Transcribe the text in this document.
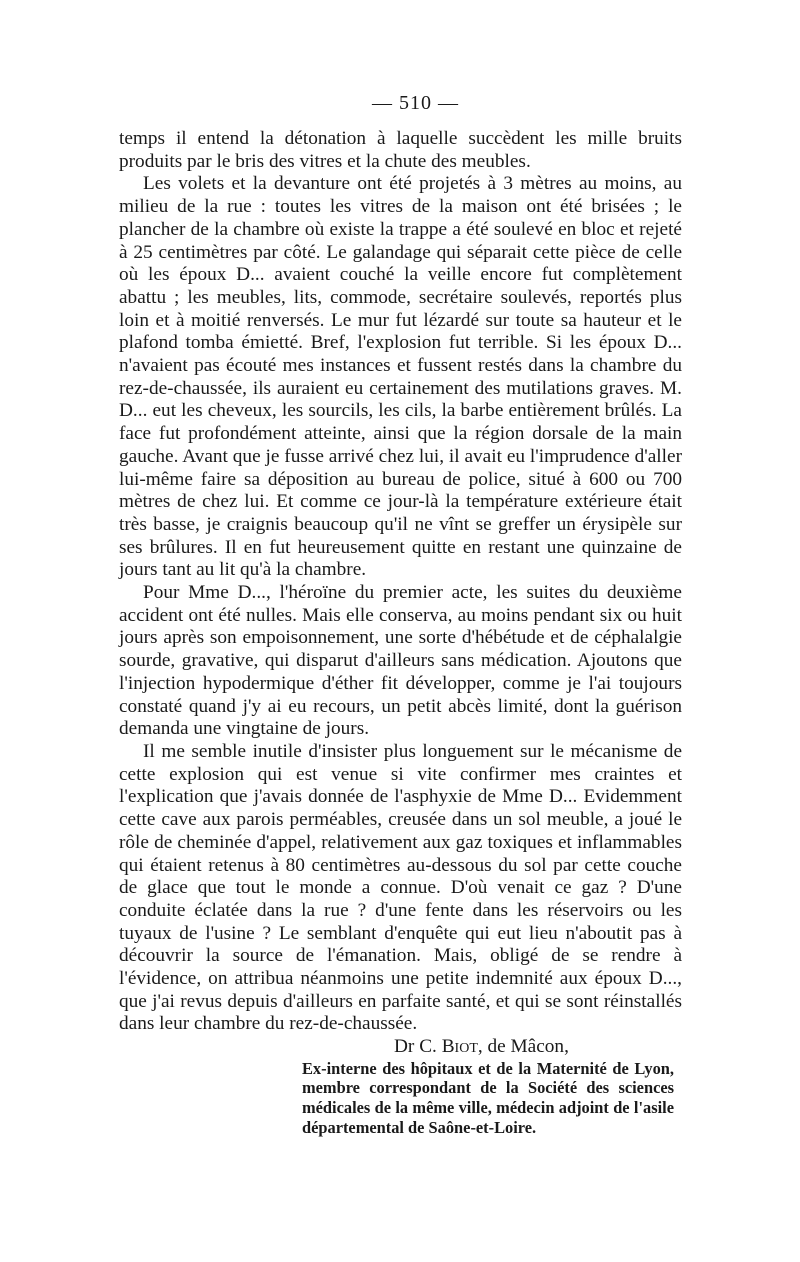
— 510 —

temps il entend la détonation à laquelle succèdent les mille bruits produits par le bris des vitres et la chute des meubles.

Les volets et la devanture ont été projetés à 3 mètres au moins, au milieu de la rue : toutes les vitres de la maison ont été brisées ; le plancher de la chambre où existe la trappe a été soulevé en bloc et rejeté à 25 centimètres par côté. Le galandage qui séparait cette pièce de celle où les époux D... avaient couché la veille encore fut complètement abattu ; les meubles, lits, commode, secrétaire soulevés, reportés plus loin et à moitié renversés. Le mur fut lézardé sur toute sa hauteur et le plafond tomba émietté. Bref, l'explosion fut terrible. Si les époux D... n'avaient pas écouté mes instances et fussent restés dans la chambre du rez-de-chaussée, ils auraient eu certainement des mutilations graves. M. D... eut les cheveux, les sourcils, les cils, la barbe entièrement brûlés. La face fut profondément atteinte, ainsi que la région dorsale de la main gauche. Avant que je fusse arrivé chez lui, il avait eu l'imprudence d'aller lui-même faire sa déposition au bureau de police, situé à 600 ou 700 mètres de chez lui. Et comme ce jour-là la température extérieure était très basse, je craignis beaucoup qu'il ne vînt se greffer un érysipèle sur ses brûlures. Il en fut heureusement quitte en restant une quinzaine de jours tant au lit qu'à la chambre.

Pour Mme D..., l'héroïne du premier acte, les suites du deuxième accident ont été nulles. Mais elle conserva, au moins pendant six ou huit jours après son empoisonnement, une sorte d'hébétude et de céphalalgie sourde, gravative, qui disparut d'ailleurs sans médication. Ajoutons que l'injection hypodermique d'éther fit développer, comme je l'ai toujours constaté quand j'y ai eu recours, un petit abcès limité, dont la guérison demanda une vingtaine de jours.

Il me semble inutile d'insister plus longuement sur le mécanisme de cette explosion qui est venue si vite confirmer mes craintes et l'explication que j'avais donnée de l'asphyxie de Mme D... Evidemment cette cave aux parois perméables, creusée dans un sol meuble, a joué le rôle de cheminée d'appel, relativement aux gaz toxiques et inflammables qui étaient retenus à 80 centimètres au-dessous du sol par cette couche de glace que tout le monde a connue. D'où venait ce gaz ? D'une conduite éclatée dans la rue ? d'une fente dans les réservoirs ou les tuyaux de l'usine ? Le semblant d'enquête qui eut lieu n'aboutit pas à découvrir la source de l'émanation. Mais, obligé de se rendre à l'évidence, on attribua néanmoins une petite indemnité aux époux D..., que j'ai revus depuis d'ailleurs en parfaite santé, et qui se sont réinstallés dans leur chambre du rez-de-chaussée.

Dr C. Biot, de Mâcon,

Ex-interne des hôpitaux et de la Maternité de Lyon, membre correspondant de la Société des sciences médicales de la même ville, médecin adjoint de l'asile départemental de Saône-et-Loire.
